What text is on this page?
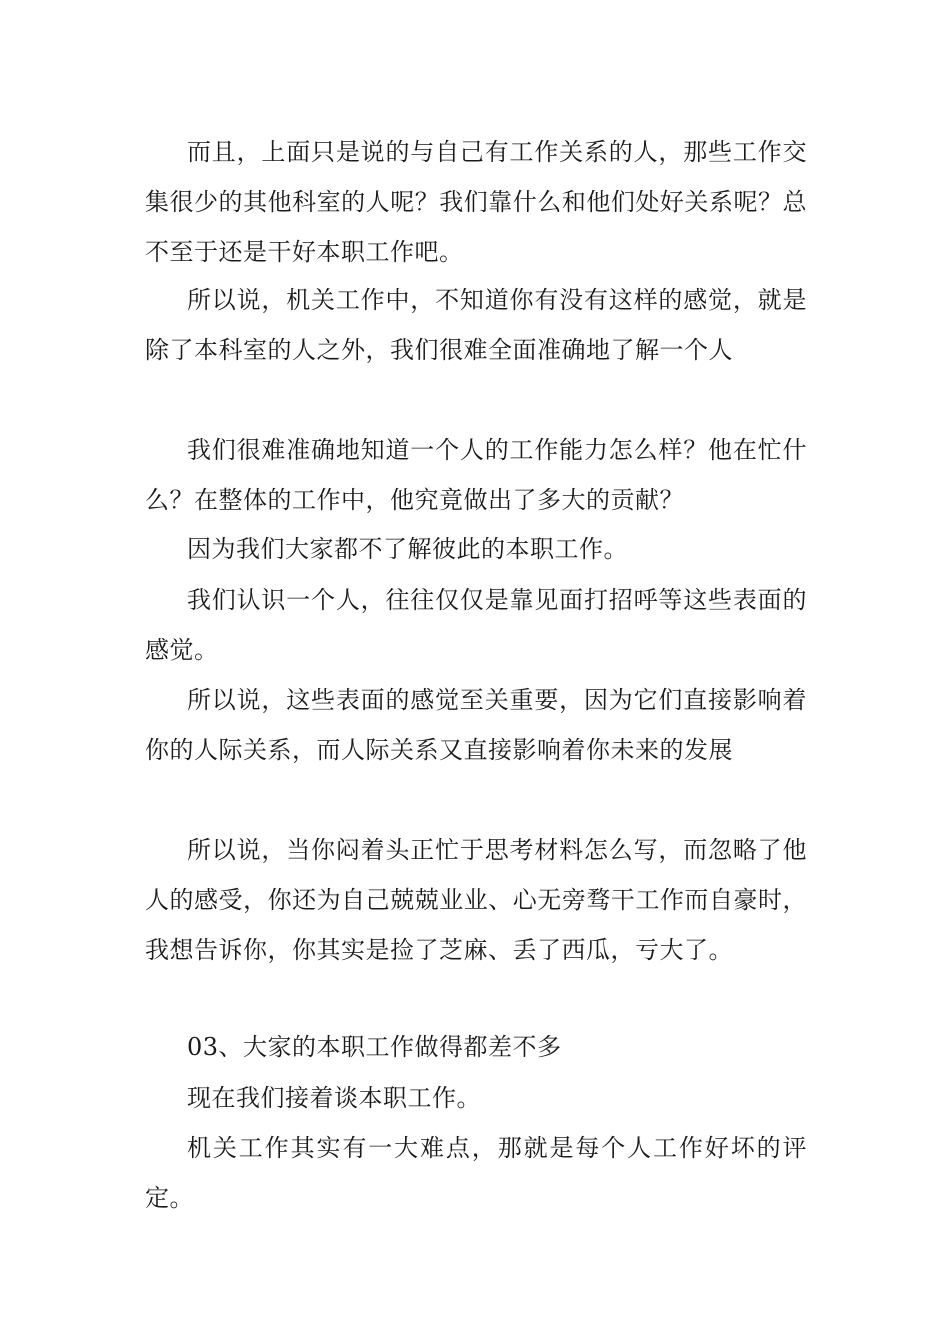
而且，上面只是说的与自己有工作关系的人，那些工作交集很少的其他科室的人呢？我们靠什么和他们处好关系呢？总不至于还是干好本职工作吧。

所以说，机关工作中，不知道你有没有这样的感觉，就是除了本科室的人之外，我们很难全面准确地了解一个人

我们很难准确地知道一个人的工作能力怎么样？他在忙什么？在整体的工作中，他究竟做出了多大的贡献？

因为我们大家都不了解彼此的本职工作。

我们认识一个人，往往仅仅是靠见面打招呼等这些表面的感觉。

所以说，这些表面的感觉至关重要，因为它们直接影响着你的人际关系，而人际关系又直接影响着你未来的发展

所以说，当你闷着头正忙于思考材料怎么写，而忽略了他人的感受，你还为自己兢兢业业、心无旁骛干工作而自豪时，我想告诉你，你其实是捡了芝麻、丢了西瓜，亏大了。

03、大家的本职工作做得都差不多

现在我们接着谈本职工作。

机关工作其实有一大难点，那就是每个人工作好坏的评定。
